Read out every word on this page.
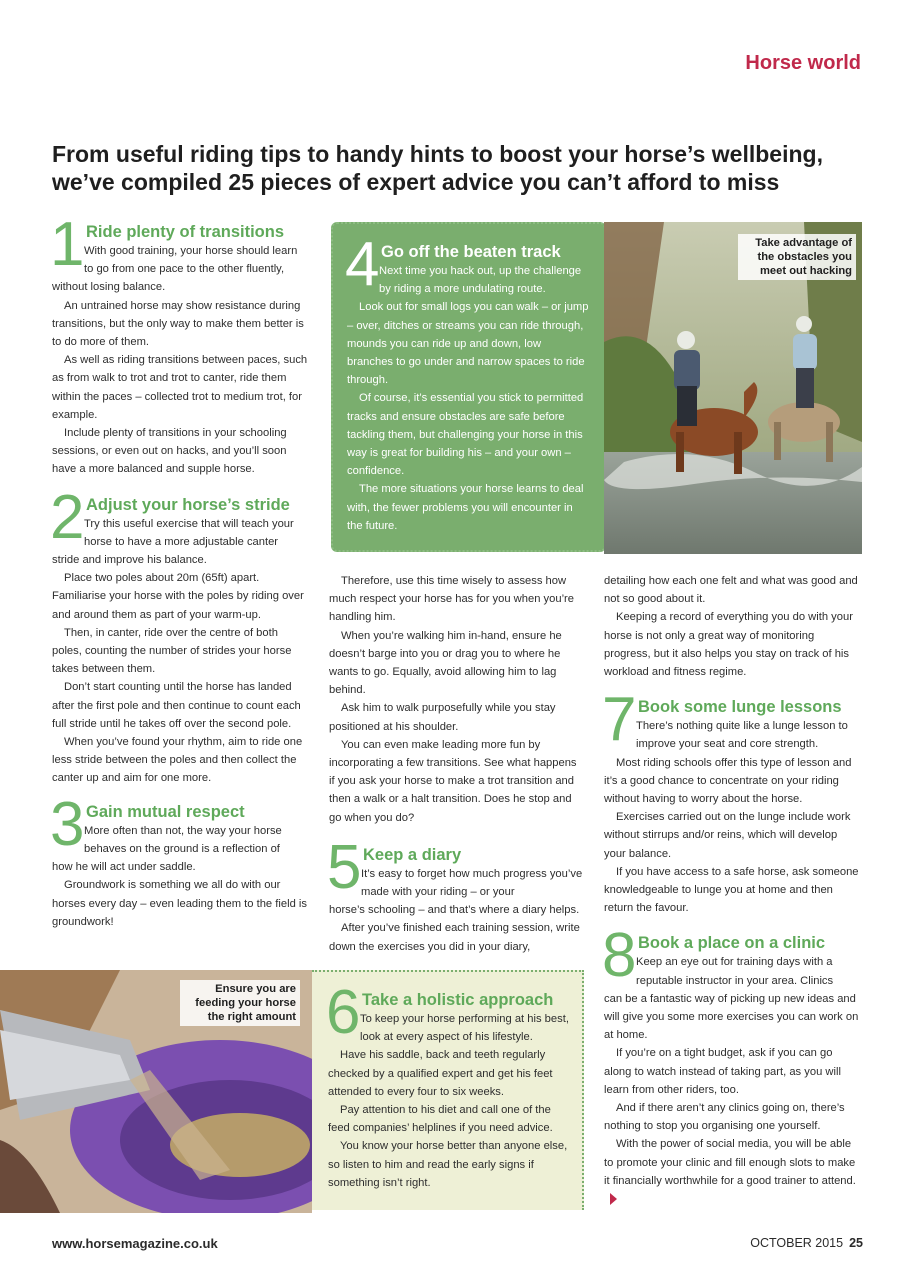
Horse world
From useful riding tips to handy hints to boost your horse’s wellbeing, we’ve compiled 25 pieces of expert advice you can’t afford to miss
1 Ride plenty of transitions
With good training, your horse should learn to go from one pace to the other fluently,

without losing balance.

An untrained horse may show resistance during transitions, but the only way to make them better is to do more of them.

As well as riding transitions between paces, such as from walk to trot and trot to canter, ride them within the paces – collected trot to medium trot, for example.

Include plenty of transitions in your schooling sessions, or even out on hacks, and you’ll soon have a more balanced and supple horse.

2 Adjust your horse’s stride
Try this useful exercise that will teach your horse to have a more adjustable canter

stride and improve his balance.

Place two poles about 20m (65ft) apart. Familiarise your horse with the poles by riding over and around them as part of your warm-up.

Then, in canter, ride over the centre of both poles, counting the number of strides your horse takes between them.

Don’t start counting until the horse has landed after the first pole and then continue to count each full stride until he takes off over the second pole.

When you’ve found your rhythm, aim to ride one less stride between the poles and then collect the canter up and aim for one more.

3 Gain mutual respect
More often than not, the way your horse behaves on the ground is a reflection of

how he will act under saddle.

Groundwork is something we all do with our horses every day – even leading them to the field is groundwork!

4 Go off the beaten track
Next time you hack out, up the challenge by riding a more undulating route.

Look out for small logs you can walk – or jump – over, ditches or streams you can ride through, mounds you can ride up and down, low branches to go under and narrow spaces to ride through.

Of course, it’s essential you stick to permitted tracks and ensure obstacles are safe before tackling them, but challenging your horse in this way is great for building his – and your own – confidence.

The more situations your horse learns to deal with, the fewer problems you will encounter in the future.

Take advantage of the obstacles you meet out hacking

Therefore, use this time wisely to assess how much respect your horse has for you when you’re handling him.

When you’re walking him in-hand, ensure he doesn’t barge into you or drag you to where he wants to go. Equally, avoid allowing him to lag behind.

Ask him to walk purposefully while you stay positioned at his shoulder.

You can even make leading more fun by incorporating a few transitions. See what happens if you ask your horse to make a trot transition and then a walk or a halt transition. Does he stop and go when you do?

5 Keep a diary
It’s easy to forget how much progress you’ve made with your riding – or your

horse’s schooling – and that’s where a diary helps.

After you’ve finished each training session, write down the exercises you did in your diary,

Ensure you are feeding your horse the right amount 6 Take a holistic approach
To keep your horse performing at his best, look at every aspect of his lifestyle.

Have his saddle, back and teeth regularly checked by a qualified expert and get his feet attended to every four to six weeks.

Pay attention to his diet and call one of the feed companies’ helplines if you need advice.

You know your horse better than anyone else, so listen to him and read the early signs if something isn’t right.

detailing how each one felt and what was good and not so good about it.

Keeping a record of everything you do with your horse is not only a great way of monitoring progress, but it also helps you stay on track of his workload and fitness regime.

7 Book some lunge lessons
There’s nothing quite like a lunge lesson to improve your seat and core strength.

Most riding schools offer this type of lesson and it’s a good chance to concentrate on your riding without having to worry about the horse.

Exercises carried out on the lunge include work without stirrups and/or reins, which will develop your balance.

If you have access to a safe horse, ask someone knowledgeable to lunge you at home and then return the favour.

8 Book a place on a clinic
Keep an eye out for training days with a reputable instructor in your area. Clinics

can be a fantastic way of picking up new ideas and will give you some more exercises you can work on at home.

If you’re on a tight budget, ask if you can go along to watch instead of taking part, as you will learn from other riders, too.

And if there aren’t any clinics going on, there’s nothing to stop you organising one yourself.

With the power of social media, you will be able to promote your clinic and fill enough slots to make it financially worthwhile for a good trainer to attend.

www.horsemagazine.co.uk	OCTOBER 2015 25
